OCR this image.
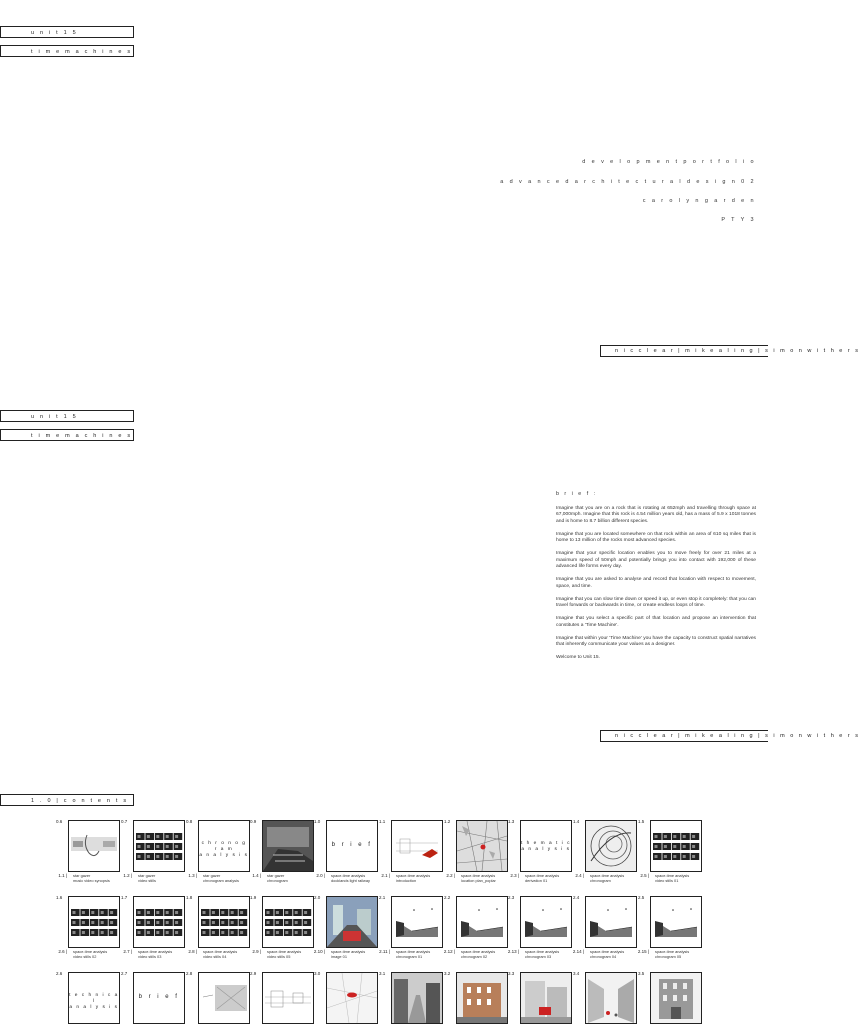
u n i t 1 5
t i m e m a c h i n e s
d e v e l o p m e n t p o r t f o l i o
a d v a n c e d a r c h i t e c t u r a l d e s i g n 0 2
c a r o l y n g a r d e n
P T Y 3
n i c c l e a r | m i k e a l i n g | s i m o n w i t h e r s
u n i t 1 5
t i m e m a c h i n e s
b r i e f :

Imagine that you are on a rock that is rotating at 652mph and travelling through space at 67,000mph. Imagine that this rock is 4.54 million years old, has a mass of 5.9 x 1018 tonnes and is home to 8.7 billion different species.

Imagine that you are located somewhere on that rock within an area of 610 sq miles that is home to 13 million of the rocks most advanced species.

Imagine that your specific location enables you to move freely for over 21 miles at a maximum speed of 50mph and potentially brings you into contact with 192,000 of these advanced life forms every day.

Imagine that you are asked to analyse and record that location with respect to movement, space, and time.

Imagine that you can slow time down or speed it up, or even stop it completely: that you can travel forwards or backwards in time, or create endless loops of time.

Imagine that you select a specific part of that location and propose an intervention that constitutes a 'Time Machine'.

Imagine that within your 'Time Machine' you have the capacity to construct spatial narratives that inherently communicate your values as a designer.

Welcome to Unit 15.

n i c c l e a r | m i k e a l i n g | s i m o n w i t h e r s
1 . 0 | c o n t e n t s
0.6
1.1 | star gazer
music video synopsis
0.7
1.2 | star gazer
video stills
0.8
c h r o n o g r a m
a n a l y s i s
1.3 | star gazer
chronogram analysis
0.9
1.4 | star gazer
chronogram
1.0
b r i e f
2.0 | space-time analysis
docklands light railway
1.1
2.1 | space-time analysis
introduction
1.2
2.2 | space-time analysis
location plan_poplar
1.3
t h e m a t i c
a n a l y s i s
2.3 | space-time analysis
derivation 01
1.4
2.4 | space-time analysis
chronogram
1.5
2.5 | space-time analysis
video stills 01
1.6
2.6 | space-time analysis
video stills 02
1.7
2.7 | space-time analysis
video stills 03
1.8
2.8 | space-time analysis
video stills 04
1.9
2.9 | space-time analysis
video stills 05
2.0
2.10 | space-time analysis
image 01
2.1
2.11 | space-time analysis
chronogram 01
2.2
2.12 | space-time analysis
chronogram 02
2.3
2.13 | space-time analysis
chronogram 03
2.4
2.14 | space-time analysis
chronogram 04
2.5
2.15 | space-time analysis
chronogram 05
2.6
t e c h n i c a l
a n a l y s i s
2.7
b r i e f
2.8	2.9	3.0	3.1	3.2	3.3	3.4	3.5
